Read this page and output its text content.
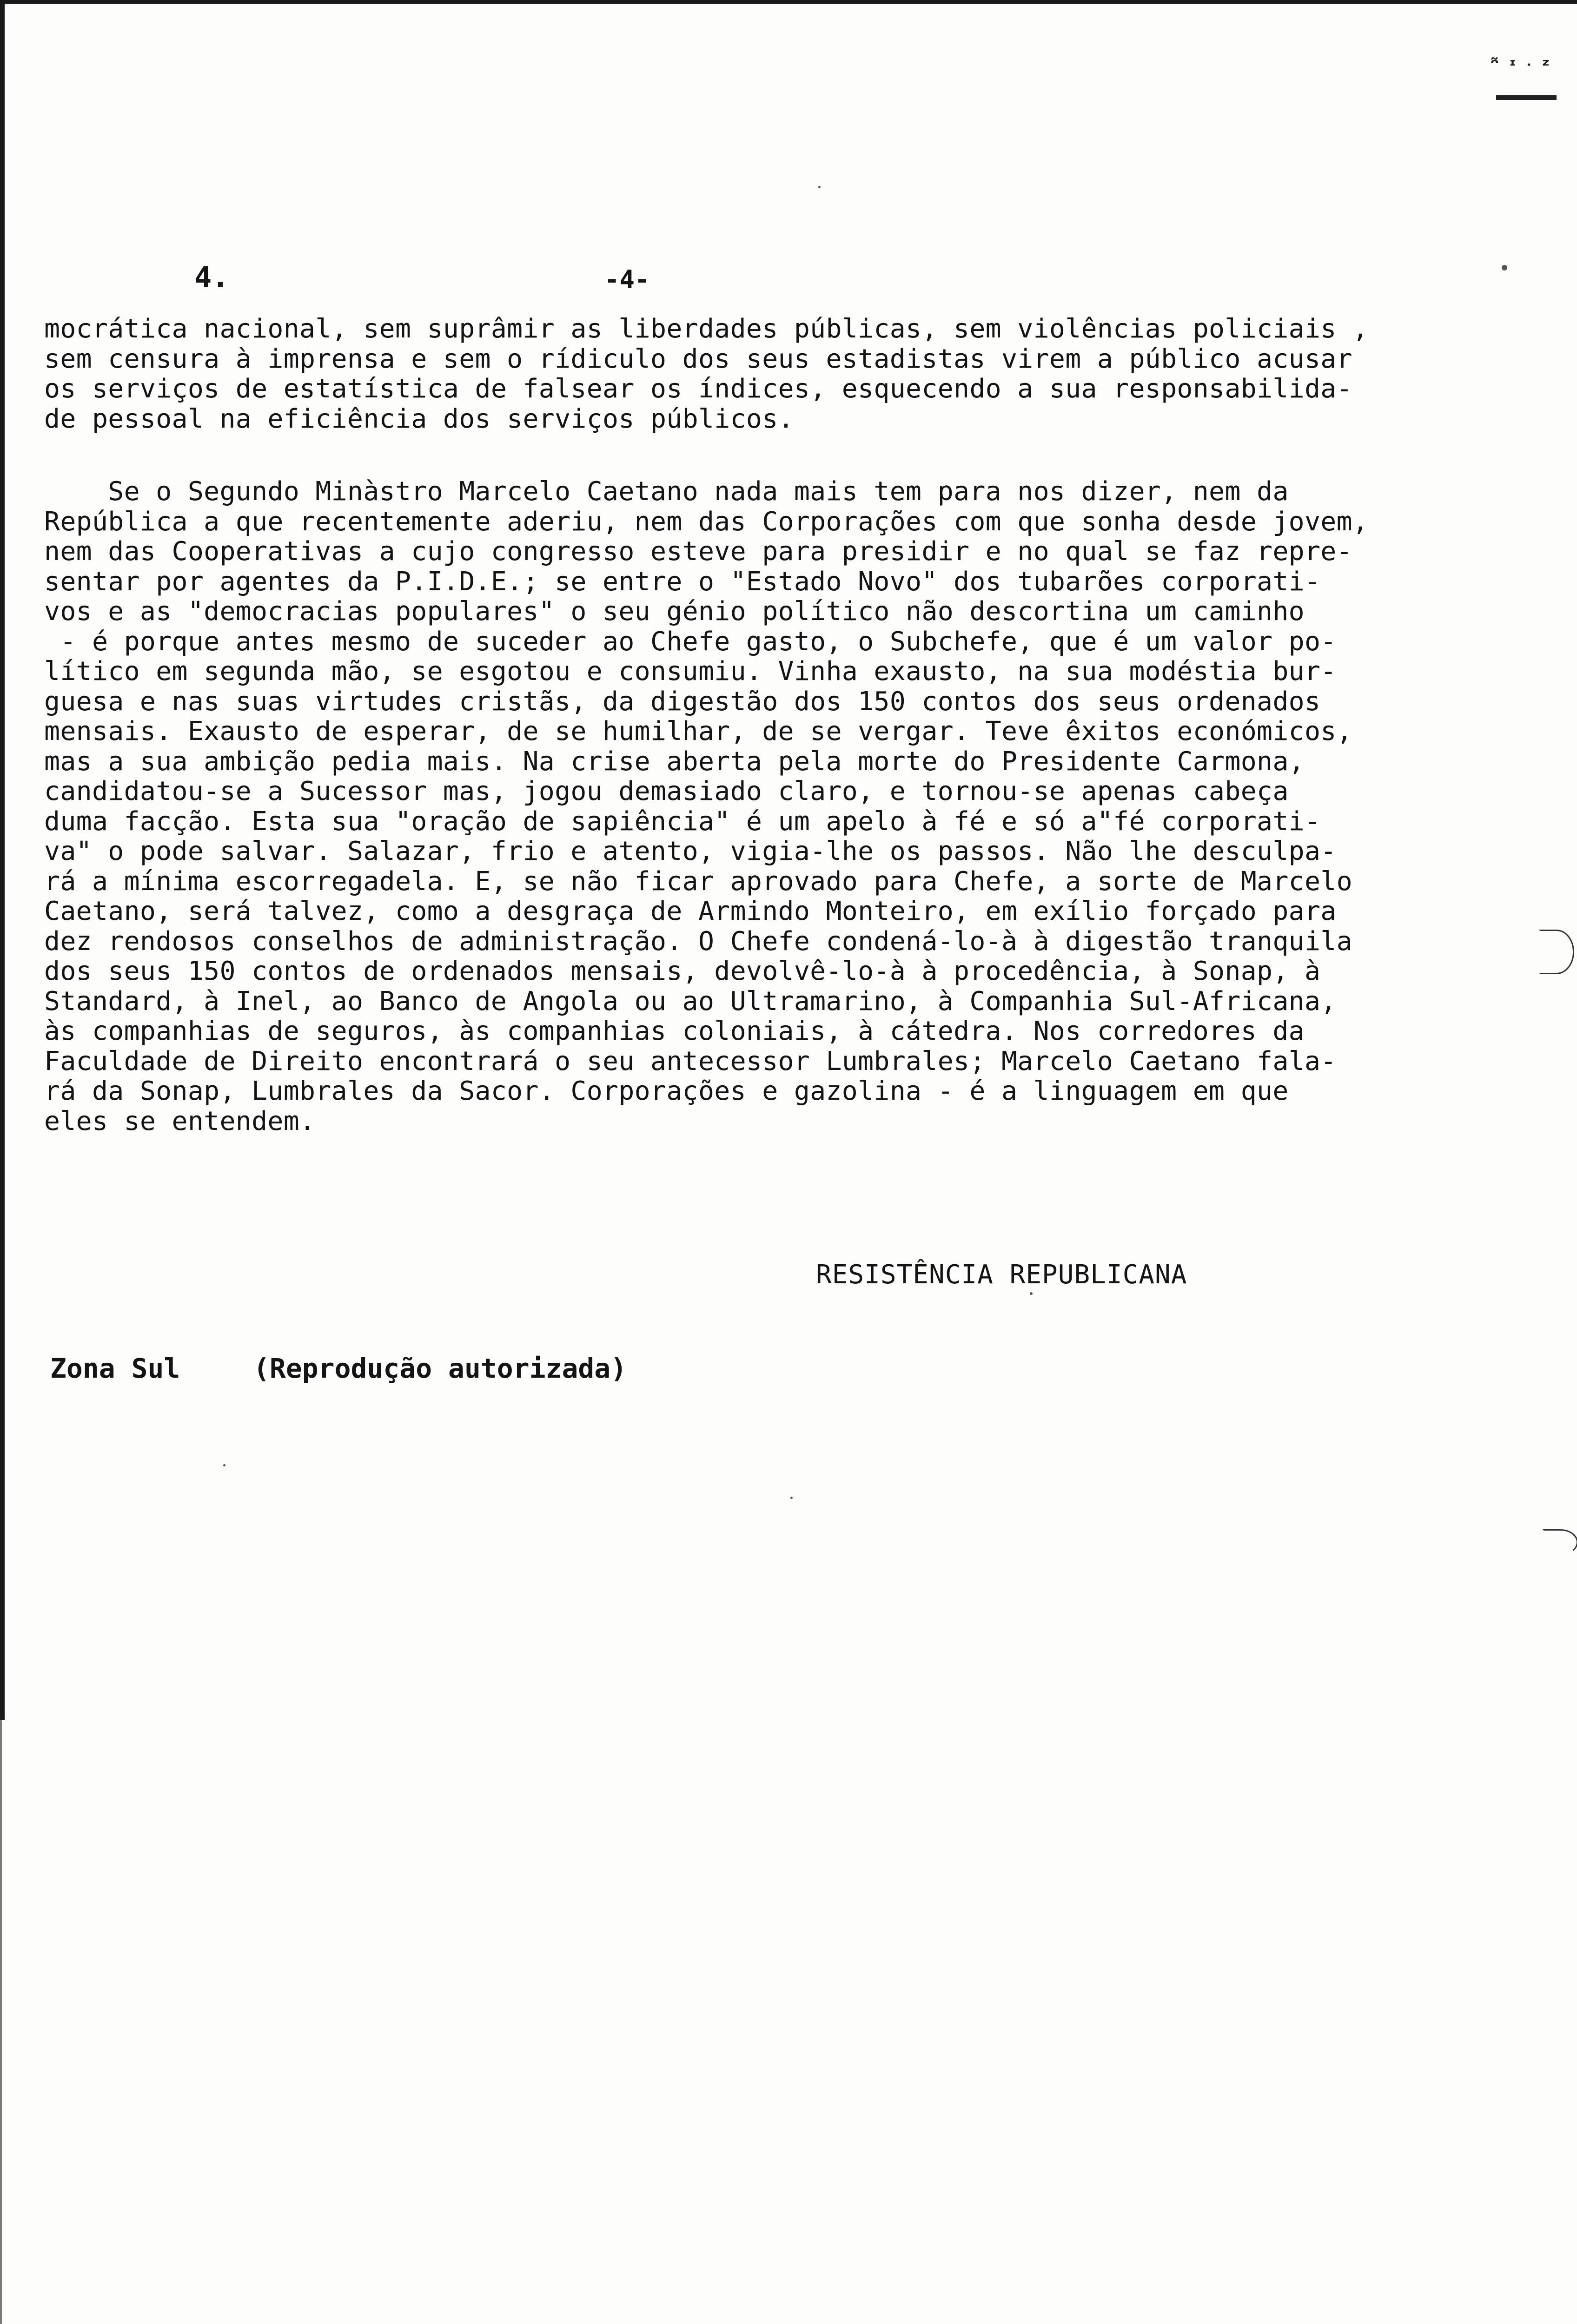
ᵔ̃ ᶦ ᐧ ᶻ
4.	-4-
mocrática nacional, sem suprâmir as liberdades públicas, sem violências policiais ,
sem censura à imprensa e sem o rídiculo dos seus estadistas virem a público acusar
os serviços de estatística de falsear os índices, esquecendo a sua responsabilida-
de pessoal na eficiência dos serviços públicos.
Se o Segundo Minàstro Marcelo Caetano nada mais tem para nos dizer, nem da
República a que recentemente aderiu, nem das Corporações com que sonha desde jovem,
nem das Cooperativas a cujo congresso esteve para presidir e no qual se faz repre-
sentar por agentes da P.I.D.E.; se entre o "Estado Novo" dos tubarões corporati-
vos e as "democracias populares" o seu génio político não descortina um caminho
- é porque antes mesmo de suceder ao Chefe gasto, o Subchefe, que é um valor po-
lítico em segunda mão, se esgotou e consumiu. Vinha exausto, na sua modéstia bur-
guesa e nas suas virtudes cristãs, da digestão dos 150 contos dos seus ordenados
mensais. Exausto de esperar, de se humilhar, de se vergar. Teve êxitos económicos,
mas a sua ambição pedia mais. Na crise aberta pela morte do Presidente Carmona,
candidatou-se a Sucessor mas, jogou demasiado claro, e tornou-se apenas cabeça
duma facção. Esta sua "oração de sapiência" é um apelo à fé e só a"fé corporati-
va" o pode salvar. Salazar, frio e atento, vigia-lhe os passos. Não lhe desculpa-
rá a mínima escorregadela. E, se não ficar aprovado para Chefe, a sorte de Marcelo
Caetano, será talvez, como a desgraça de Armindo Monteiro, em exílio forçado para
dez rendosos conselhos de administração. O Chefe condená-lo-à à digestão tranquila
dos seus 150 contos de ordenados mensais, devolvê-lo-à à procedência, à Sonap, à
Standard, à Inel, ao Banco de Angola ou ao Ultramarino, à Companhia Sul-Africana,
às companhias de seguros, às companhias coloniais, à cátedra. Nos corredores da
Faculdade de Direito encontrará o seu antecessor Lumbrales; Marcelo Caetano fala-
rá da Sonap, Lumbrales da Sacor. Corporações e gazolina - é a linguagem em que
eles se entendem.
RESISTÊNCIA REPUBLICANA
Zona Sul	(Reprodução autorizada)
